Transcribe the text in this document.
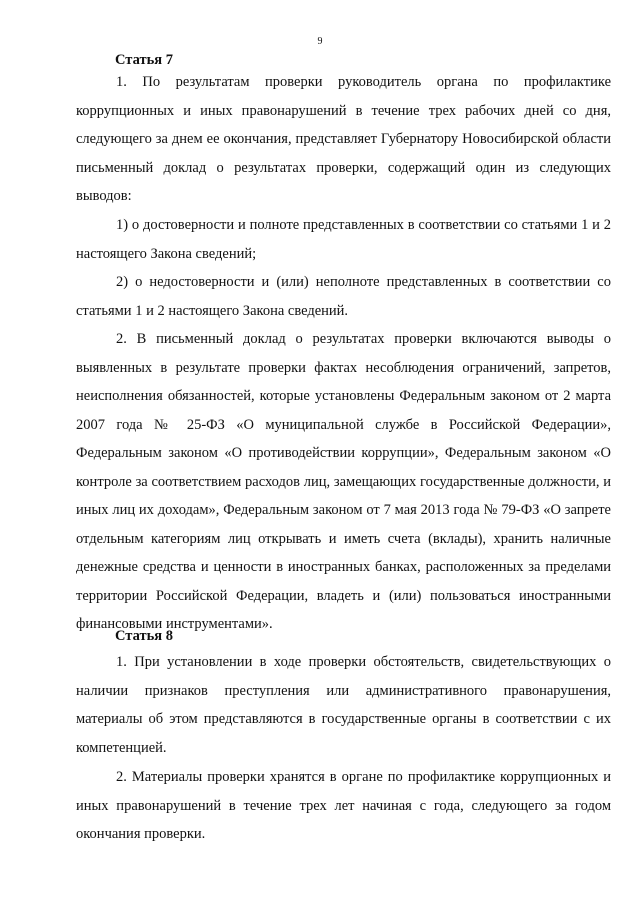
9
Статья 7

1. По результатам проверки руководитель органа по профилактике коррупционных и иных правонарушений в течение трех рабочих дней со дня, следующего за днем ее окончания, представляет Губернатору Новосибирской области письменный доклад о результатах проверки, содержащий один из следующих выводов:

1) о достоверности и полноте представленных в соответствии со статьями 1 и 2 настоящего Закона сведений;

2) о недостоверности и (или) неполноте представленных в соответствии со статьями 1 и 2 настоящего Закона сведений.

2. В письменный доклад о результатах проверки включаются выводы о выявленных в результате проверки фактах несоблюдения ограничений, запретов, неисполнения обязанностей, которые установлены Федеральным законом от 2 марта 2007 года № 25-ФЗ «О муниципальной службе в Российской Федерации», Федеральным законом «О противодействии коррупции», Федеральным законом «О контроле за соответствием расходов лиц, замещающих государственные должности, и иных лиц их доходам», Федеральным законом от 7 мая 2013 года № 79-ФЗ «О запрете отдельным категориям лиц открывать и иметь счета (вклады), хранить наличные денежные средства и ценности в иностранных банках, расположенных за пределами территории Российской Федерации, владеть и (или) пользоваться иностранными финансовыми инструментами».

Статья 8

1. При установлении в ходе проверки обстоятельств, свидетельствующих о наличии признаков преступления или административного правонарушения, материалы об этом представляются в государственные органы в соответствии с их компетенцией.

2. Материалы проверки хранятся в органе по профилактике коррупционных и иных правонарушений в течение трех лет начиная с года, следующего за годом окончания проверки.
